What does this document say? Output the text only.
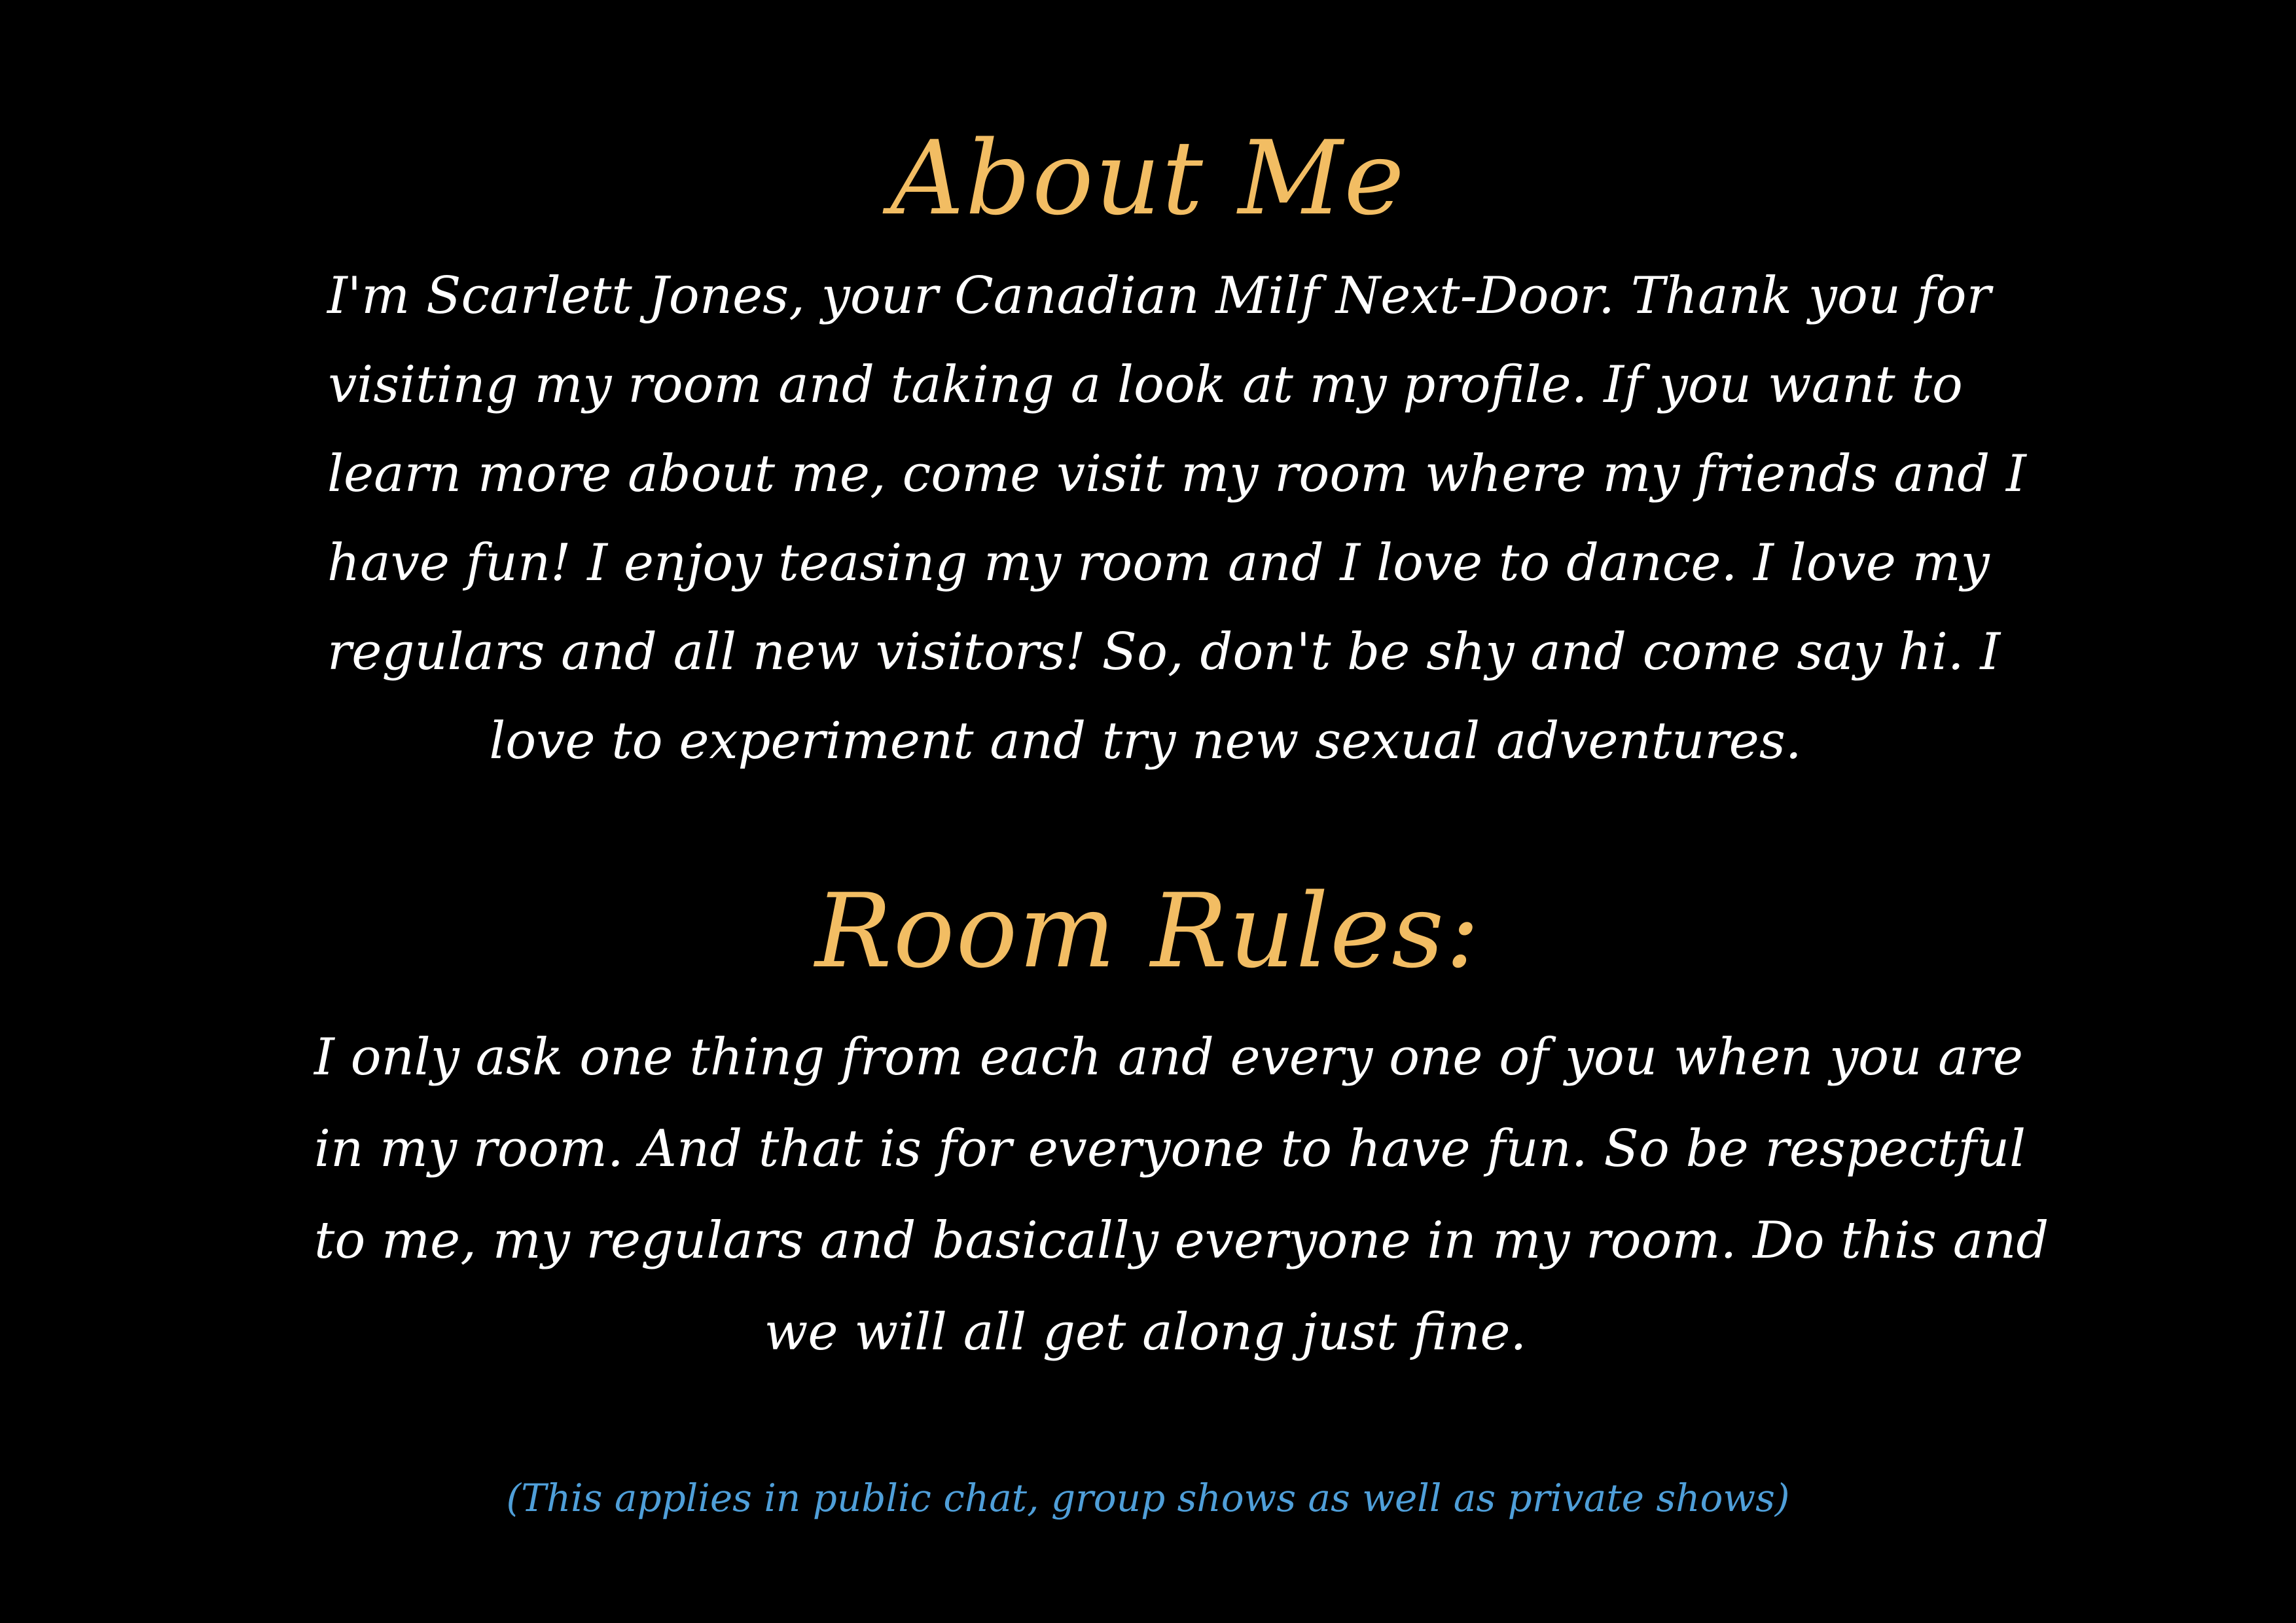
About Me
I'm Scarlett Jones, your Canadian Milf Next-Door. Thank you for
visiting my room and taking a look at my profile. If you want to
learn more about me, come visit my room where my friends and I
have fun! I enjoy teasing my room and I love to dance. I love my
regulars and all new visitors! So, don't be shy and come say hi. I
love to experiment and try new sexual adventures.
Room Rules:
I only ask one thing from each and every one of you when you are
in my room. And that is for everyone to have fun. So be respectful
to me, my regulars and basically everyone in my room. Do this and
we will all get along just fine.

(This applies in public chat, group shows as well as private shows)
